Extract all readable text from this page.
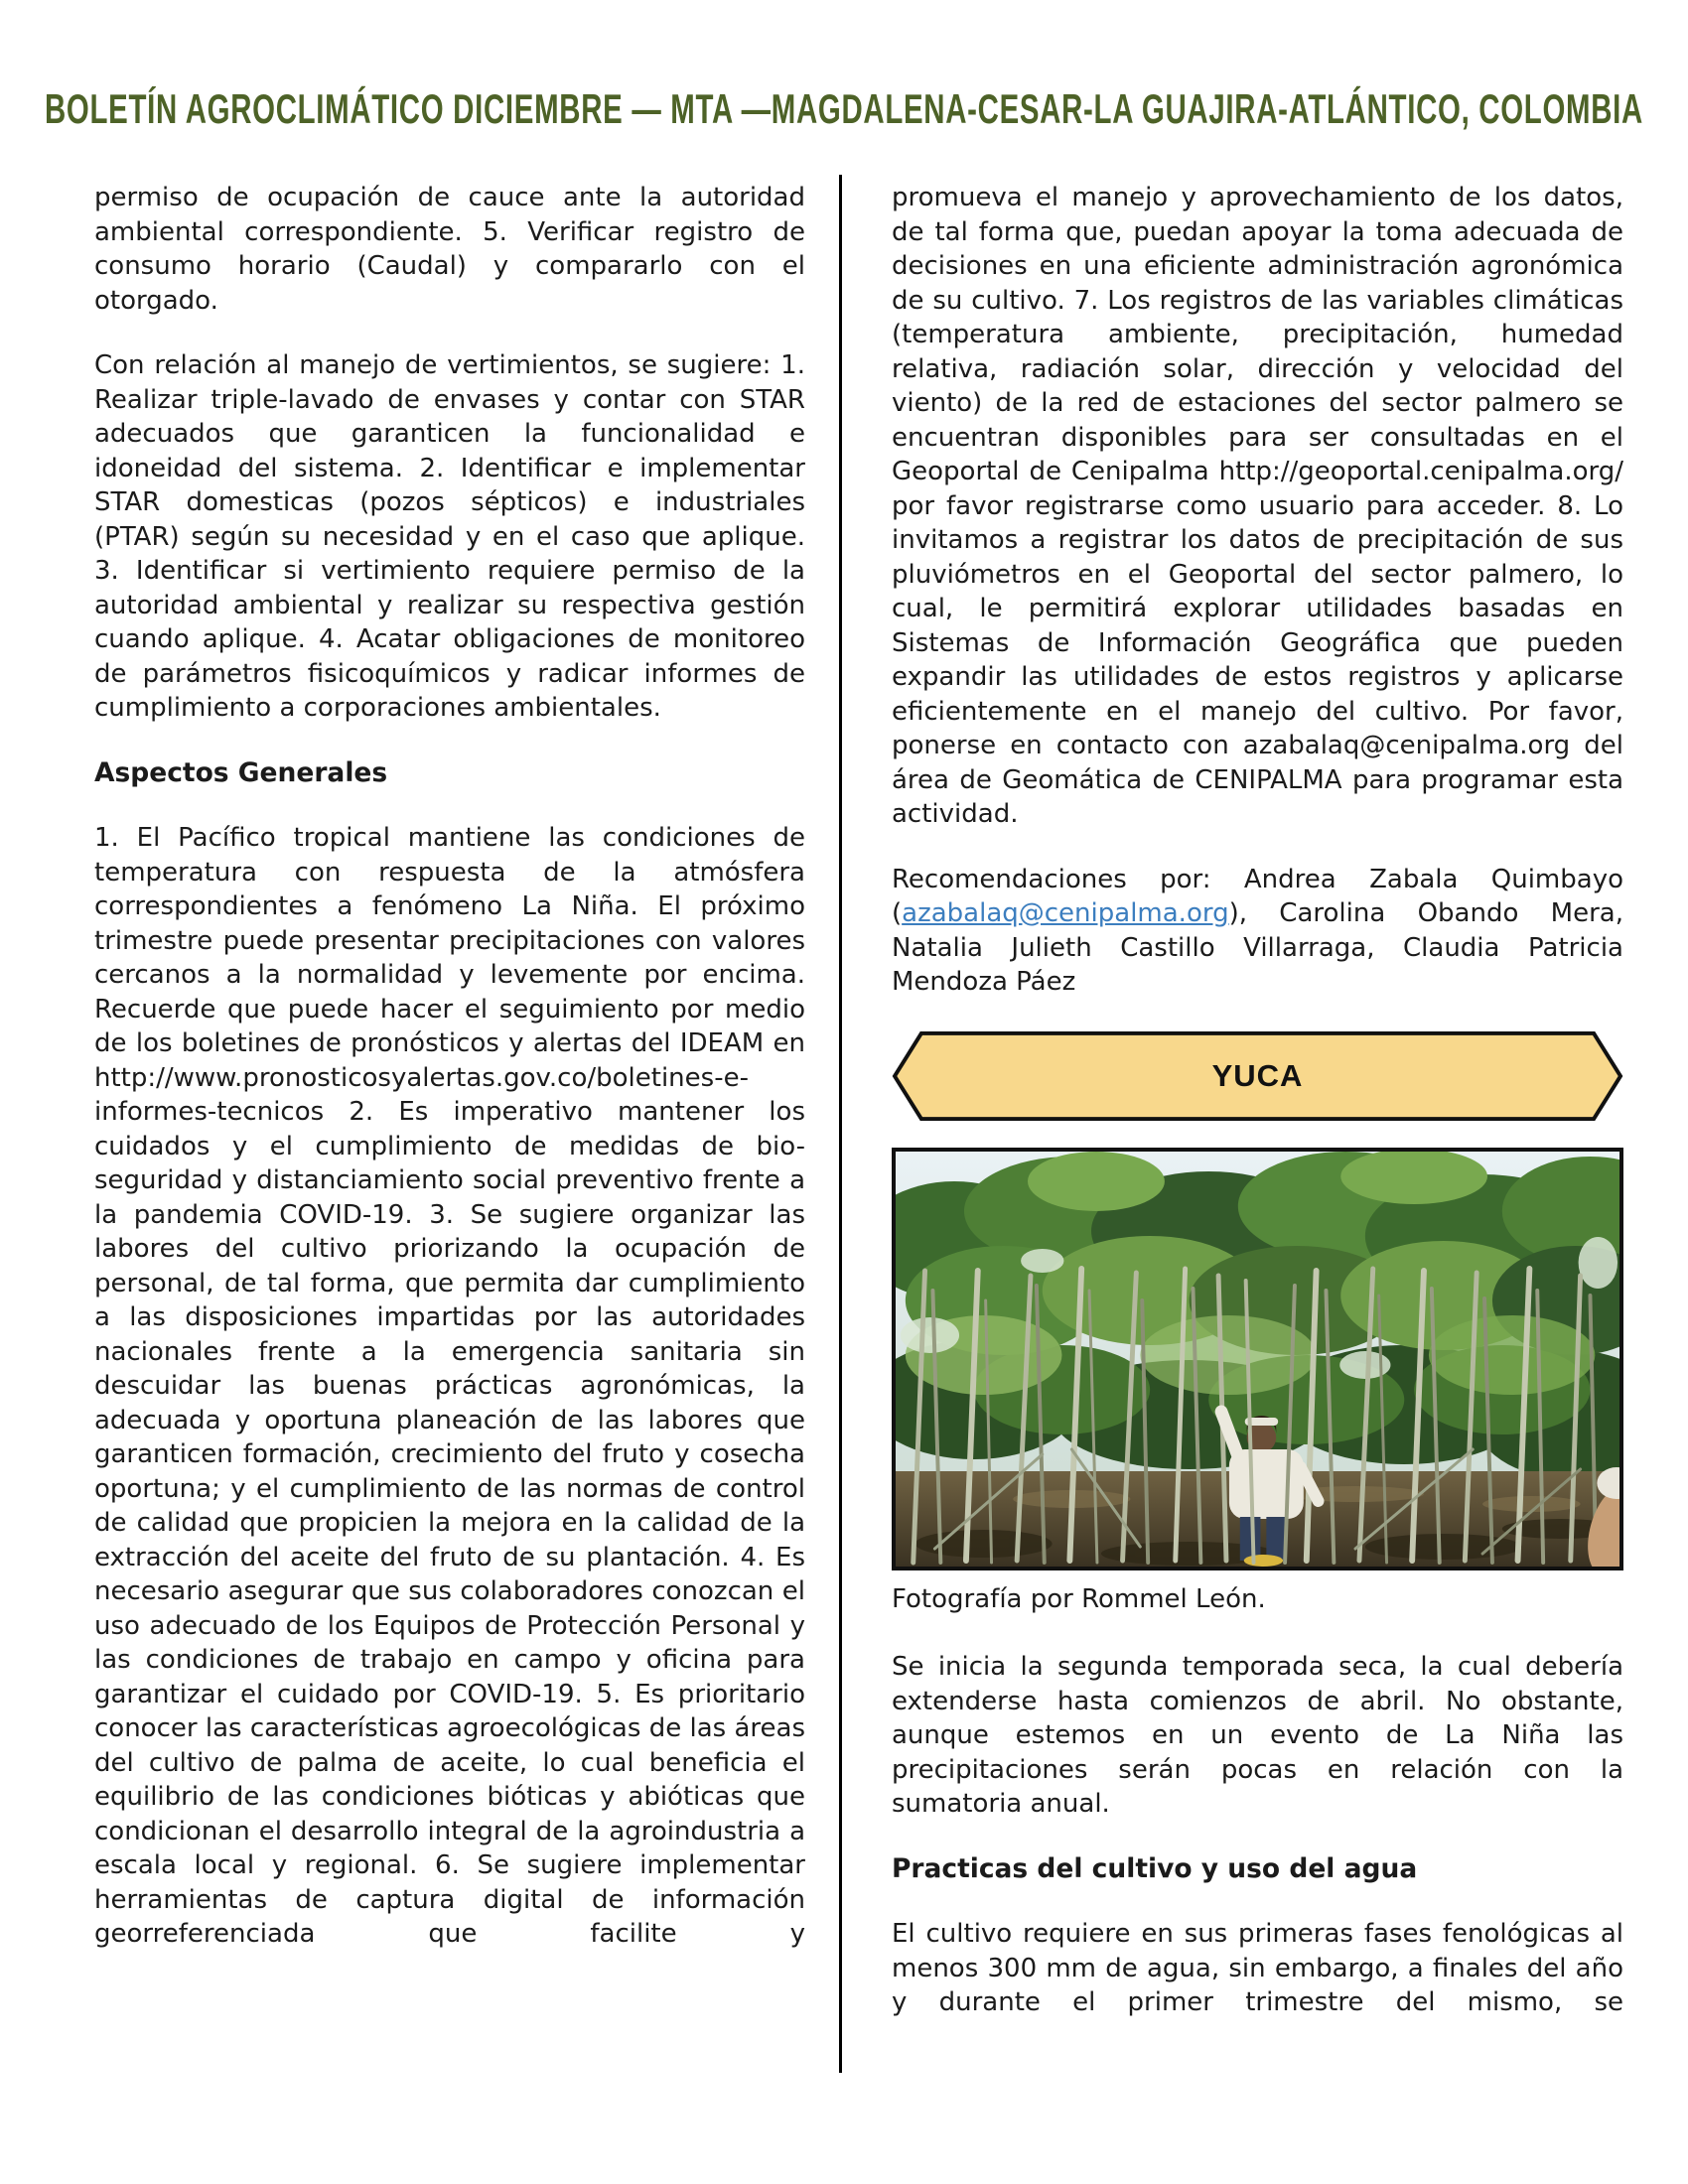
BOLETÍN AGROCLIMÁTICO DICIEMBRE — MTA —MAGDALENA-CESAR-LA GUAJIRA-ATLÁNTICO, COLOMBIA

permiso de ocupación de cauce ante la autoridad ambiental correspondiente. 5. Verificar registro de consumo horario (Caudal) y compararlo con el otorgado.

Con relación al manejo de vertimientos, se sugiere: 1. Realizar triple-lavado de envases y contar con STAR adecuados que garanticen la funcionalidad e idoneidad del sistema. 2. Identificar e implementar STAR domesticas (pozos sépticos) e industriales (PTAR) según su necesidad y en el caso que aplique. 3. Identificar si vertimiento requiere permiso de la autoridad ambiental y realizar su respectiva gestión cuando aplique. 4. Acatar obligaciones de monitoreo de parámetros fisicoquímicos y radicar informes de cumplimiento a corporaciones ambientales.

Aspectos Generales

1. El Pacífico tropical mantiene las condiciones de temperatura con respuesta de la atmósfera correspondientes a fenómeno La Niña. El próximo trimestre puede presentar precipitaciones con valores cercanos a la normalidad y levemente por encima. Recuerde que puede hacer el seguimiento por medio de los boletines de pronósticos y alertas del IDEAM en http://www.pronosticosyalertas.gov.co/boletines-e-informes-tecnicos 2. Es imperativo mantener los cuidados y el cumplimiento de medidas de bio-seguridad y distanciamiento social preventivo frente a la pandemia COVID-19. 3. Se sugiere organizar las labores del cultivo priorizando la ocupación de personal, de tal forma, que permita dar cumplimiento a las disposiciones impartidas por las autoridades nacionales frente a la emergencia sanitaria sin descuidar las buenas prácticas agronómicas, la adecuada y oportuna planeación de las labores que garanticen formación, crecimiento del fruto y cosecha oportuna; y el cumplimiento de las normas de control de calidad que propicien la mejora en la calidad de la extracción del aceite del fruto de su plantación. 4. Es necesario asegurar que sus colaboradores conozcan el uso adecuado de los Equipos de Protección Personal y las condiciones de trabajo en campo y oficina para garantizar el cuidado por COVID-19. 5. Es prioritario conocer las características agroecológicas de las áreas del cultivo de palma de aceite, lo cual beneficia el equilibrio de las condiciones bióticas y abióticas que condicionan el desarrollo integral de la agroindustria a escala local y regional. 6. Se sugiere implementar herramientas de captura digital de información georreferenciada que facilite y

promueva el manejo y aprovechamiento de los datos, de tal forma que, puedan apoyar la toma adecuada de decisiones en una eficiente administración agronómica de su cultivo. 7. Los registros de las variables climáticas (temperatura ambiente, precipitación, humedad relativa, radiación solar, dirección y velocidad del viento) de la red de estaciones del sector palmero se encuentran disponibles para ser consultadas en el Geoportal de Cenipalma http://geoportal.cenipalma.org/ por favor registrarse como usuario para acceder. 8. Lo invitamos a registrar los datos de precipitación de sus pluviómetros en el Geoportal del sector palmero, lo cual, le permitirá explorar utilidades basadas en Sistemas de Información Geográfica que pueden expandir las utilidades de estos registros y aplicarse eficientemente en el manejo del cultivo. Por favor, ponerse en contacto con azabalaq@cenipalma.org del área de Geomática de CENIPALMA para programar esta actividad.

Recomendaciones por: Andrea Zabala Quimbayo (azabalaq@cenipalma.org), Carolina Obando Mera, Natalia Julieth Castillo Villarraga, Claudia Patricia Mendoza Páez

YUCA
Fotografía por Rommel León.

Se inicia la segunda temporada seca, la cual debería extenderse hasta comienzos de abril. No obstante, aunque estemos en un evento de La Niña las precipitaciones serán pocas en relación con la sumatoria anual.

Practicas del cultivo y uso del agua

El cultivo requiere en sus primeras fases fenológicas al menos 300 mm de agua, sin embargo, a finales del año y durante el primer trimestre del mismo, se
